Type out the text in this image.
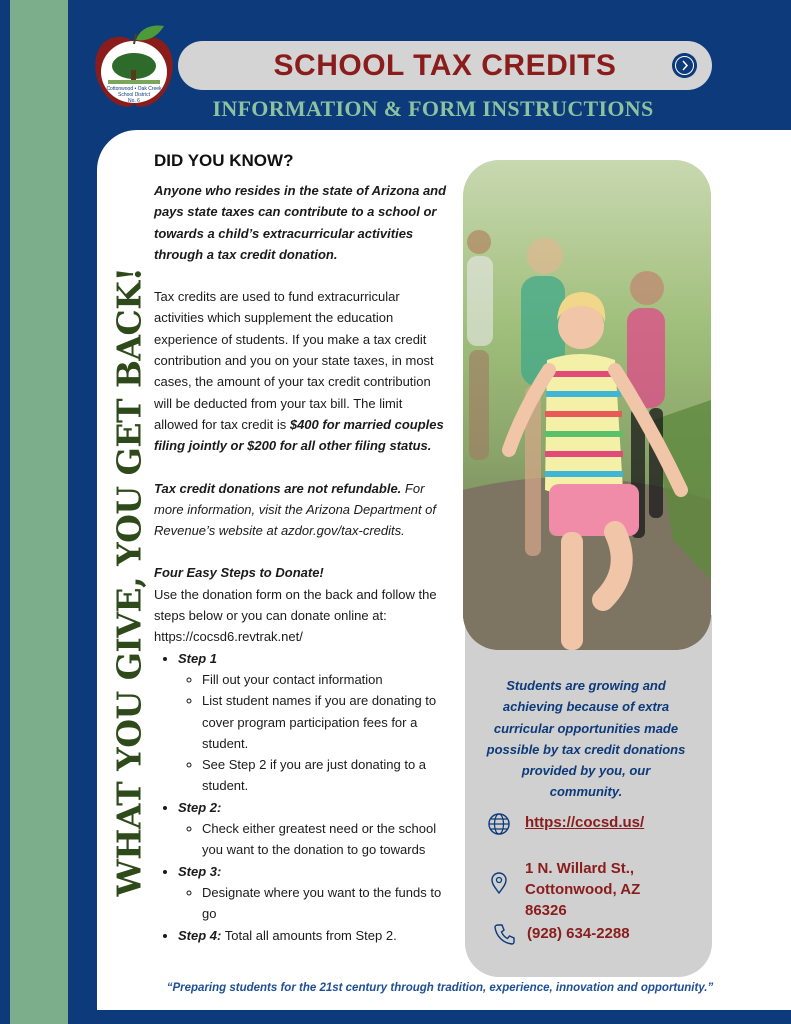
Cottonwood • Oak Creek
School District
No. 6
SCHOOL TAX CREDITS
INFORMATION & FORM INSTRUCTIONS
WHAT YOU GIVE, YOU GET BACK!
DID YOU KNOW?

Anyone who resides in the state of Arizona and pays state taxes can contribute to a school or towards a child’s extracurricular activities through a tax credit donation.

Tax credits are used to fund extracurricular activities which supplement the education experience of students. If you make a tax credit contribution and you on your state taxes, in most cases, the amount of your tax credit contribution will be deducted from your tax bill. The limit allowed for tax credit is $400 for married couples filing jointly or $200 for all other filing status.

Tax credit donations are not refundable. For more information, visit the Arizona Department of Revenue’s website at azdor.gov/tax-credits.

Four Easy Steps to Donate!
Use the donation form on the back and follow the steps below or you can donate online at: https://cocsd6.revtrak.net/
• Step 1
◦ Fill out your contact information
◦ List student names if you are donating to cover program participation fees for a student.
◦ See Step 2 if you are just donating to a student.
• Step 2:
◦ Check either greatest need or the school you want to the donation to go towards
• Step 3:
◦ Designate where you want to the funds to go
• Step 4: Total all amounts from Step 2.
Students are growing and achieving because of extra curricular opportunities made possible by tax credit donations provided by you, our community.
https://cocsd.us/
1 N. Willard St.,
Cottonwood, AZ
86326
(928) 634-2288
“Preparing students for the 21st century through tradition, experience, innovation and opportunity.”
